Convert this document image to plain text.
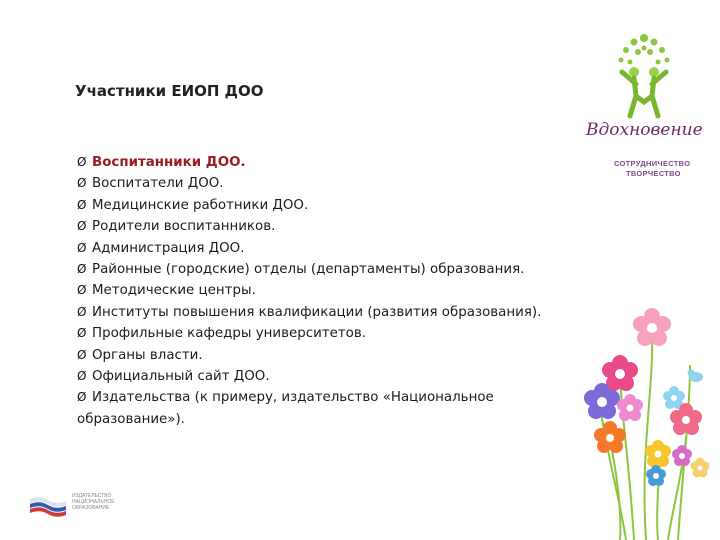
Участники ЕИОП ДОО
Ø Воспитанники ДОО.
Ø Воспитатели ДОО.
Ø Медицинские работники ДОО.
Ø Родители воспитанников.
Ø Администрация ДОО.
Ø Районные (городские) отделы (департаменты) образования.
Ø Методические центры.
Ø Институты повышения квалификации (развития образования).
Ø Профильные кафедры университетов.
Ø Органы власти.
Ø Официальный сайт ДОО.
Ø Издательства (к примеру, издательство «Национальное образование»).
Вдохновение
СОТРУДНИЧЕСТВО
ТВОРЧЕСТВО
ИЗДАТЕЛЬСТВО
НАЦИОНАЛЬНОЕ
ОБРАЗОВАНИЕ
